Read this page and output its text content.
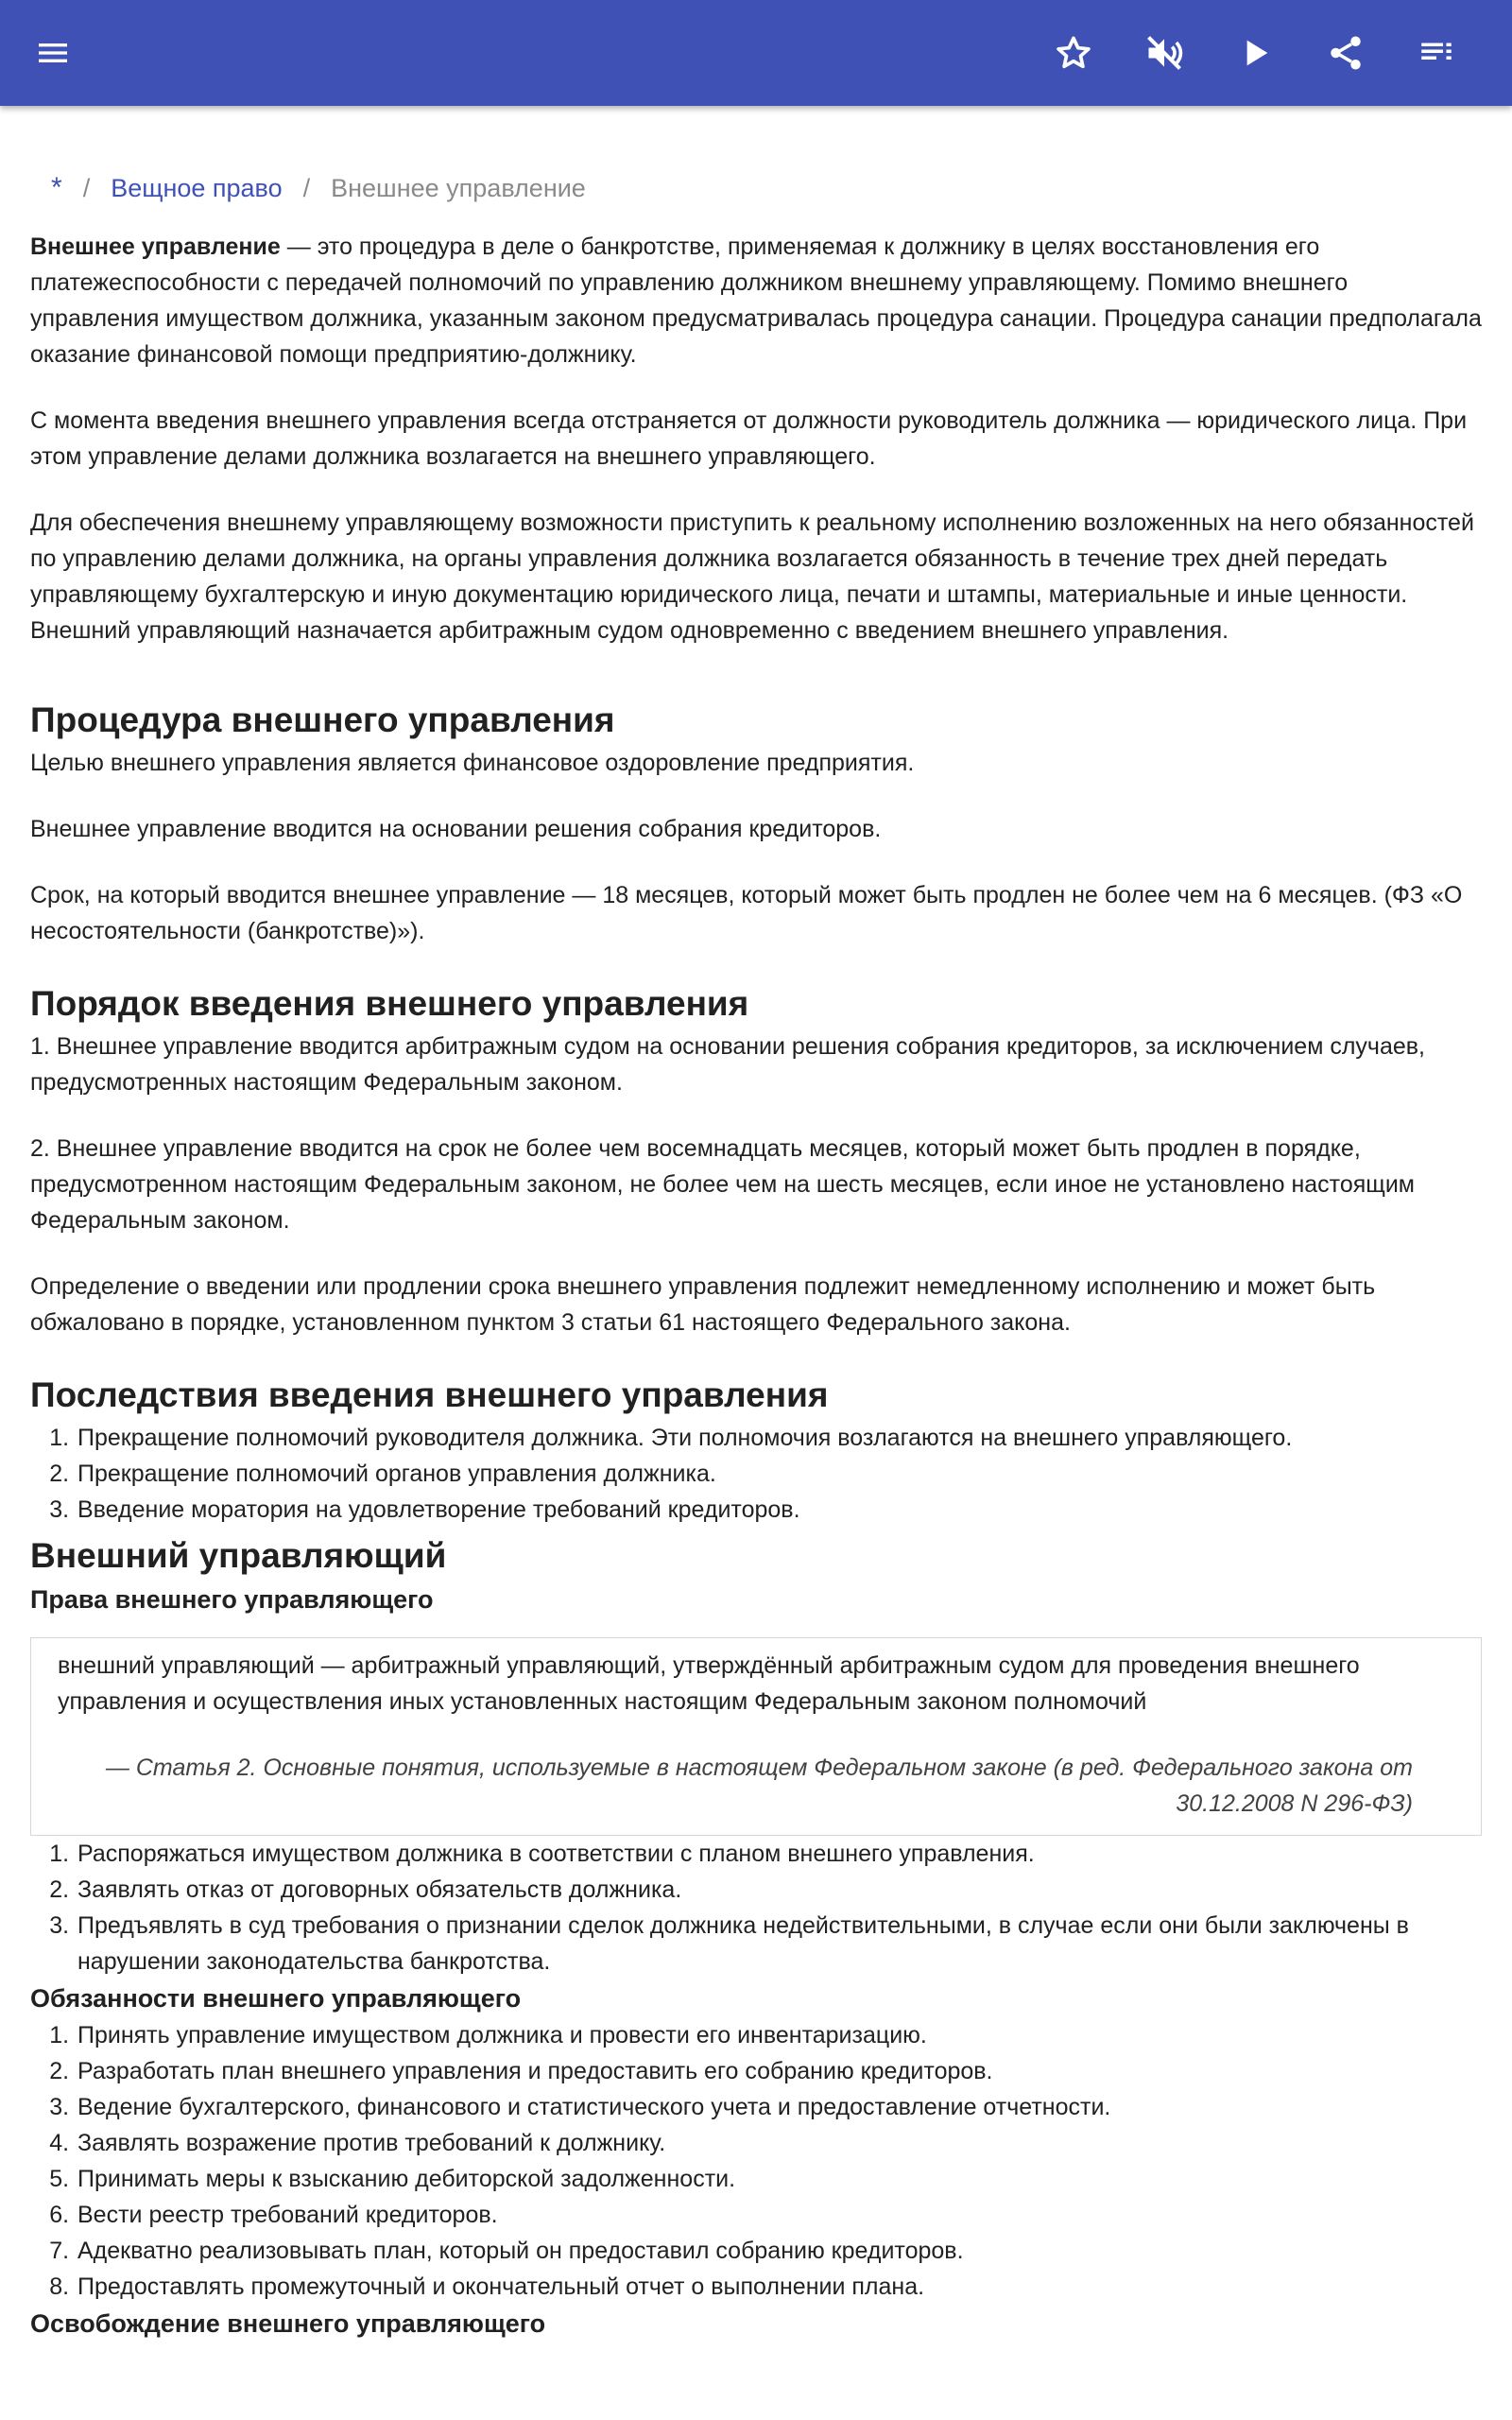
* / Вещное право / Внешнее управление

Внешнее управление — это процедура в деле о банкротстве, применяемая к должнику в целях восстановления его платежеспособности с передачей полномочий по управлению должником внешнему управляющему. Помимо внешнего управления имуществом должника, указанным законом предусматривалась процедура санации. Процедура санации предполагала оказание финансовой помощи предприятию-должнику.

С момента введения внешнего управления всегда отстраняется от должности руководитель должника — юридического лица. При этом управление делами должника возлагается на внешнего управляющего.

Для обеспечения внешнему управляющему возможности приступить к реальному исполнению возложенных на него обязанностей по управлению делами должника, на органы управления должника возлагается обязанность в течение трех дней передать управляющему бухгалтерскую и иную документацию юридического лица, печати и штампы, материальные и иные ценности. Внешний управляющий назначается арбитражным судом одновременно с введением внешнего управления.

Процедура внешнего управления

Целью внешнего управления является финансовое оздоровление предприятия.

Внешнее управление вводится на основании решения собрания кредиторов.

Срок, на который вводится внешнее управление — 18 месяцев, который может быть продлен не более чем на 6 месяцев. (ФЗ «О несостоятельности (банкротстве)»).

Порядок введения внешнего управления

1. Внешнее управление вводится арбитражным судом на основании решения собрания кредиторов, за исключением случаев, предусмотренных настоящим Федеральным законом.

2. Внешнее управление вводится на срок не более чем восемнадцать месяцев, который может быть продлен в порядке, предусмотренном настоящим Федеральным законом, не более чем на шесть месяцев, если иное не установлено настоящим Федеральным законом.

Определение о введении или продлении срока внешнего управления подлежит немедленному исполнению и может быть обжаловано в порядке, установленном пунктом 3 статьи 61 настоящего Федерального закона.

Последствия введения внешнего управления
1. Прекращение полномочий руководителя должника. Эти полномочия возлагаются на внешнего управляющего.
2. Прекращение полномочий органов управления должника.
3. Введение моратория на удовлетворение требований кредиторов.
Внешний управляющий
Права внешнего управляющего
внешний управляющий — арбитражный управляющий, утверждённый арбитражным судом для проведения внешнего управления и осуществления иных установленных настоящим Федеральным законом полномочий
— Статья 2. Основные понятия, используемые в настоящем Федеральном законе (в ред. Федерального закона от 30.12.2008 N 296-ФЗ)
1. Распоряжаться имуществом должника в соответствии с планом внешнего управления.
2. Заявлять отказ от договорных обязательств должника.
3. Предъявлять в суд требования о признании сделок должника недействительными, в случае если они были заключены в нарушении законодательства банкротства.
Обязанности внешнего управляющего
1. Принять управление имуществом должника и провести его инвентаризацию.
2. Разработать план внешнего управления и предоставить его собранию кредиторов.
3. Ведение бухгалтерского, финансового и статистического учета и предоставление отчетности.
4. Заявлять возражение против требований к должнику.
5. Принимать меры к взысканию дебиторской задолженности.
6. Вести реестр требований кредиторов.
7. Адекватно реализовывать план, который он предоставил собранию кредиторов.
8. Предоставлять промежуточный и окончательный отчет о выполнении плана.
Освобождение внешнего управляющего
